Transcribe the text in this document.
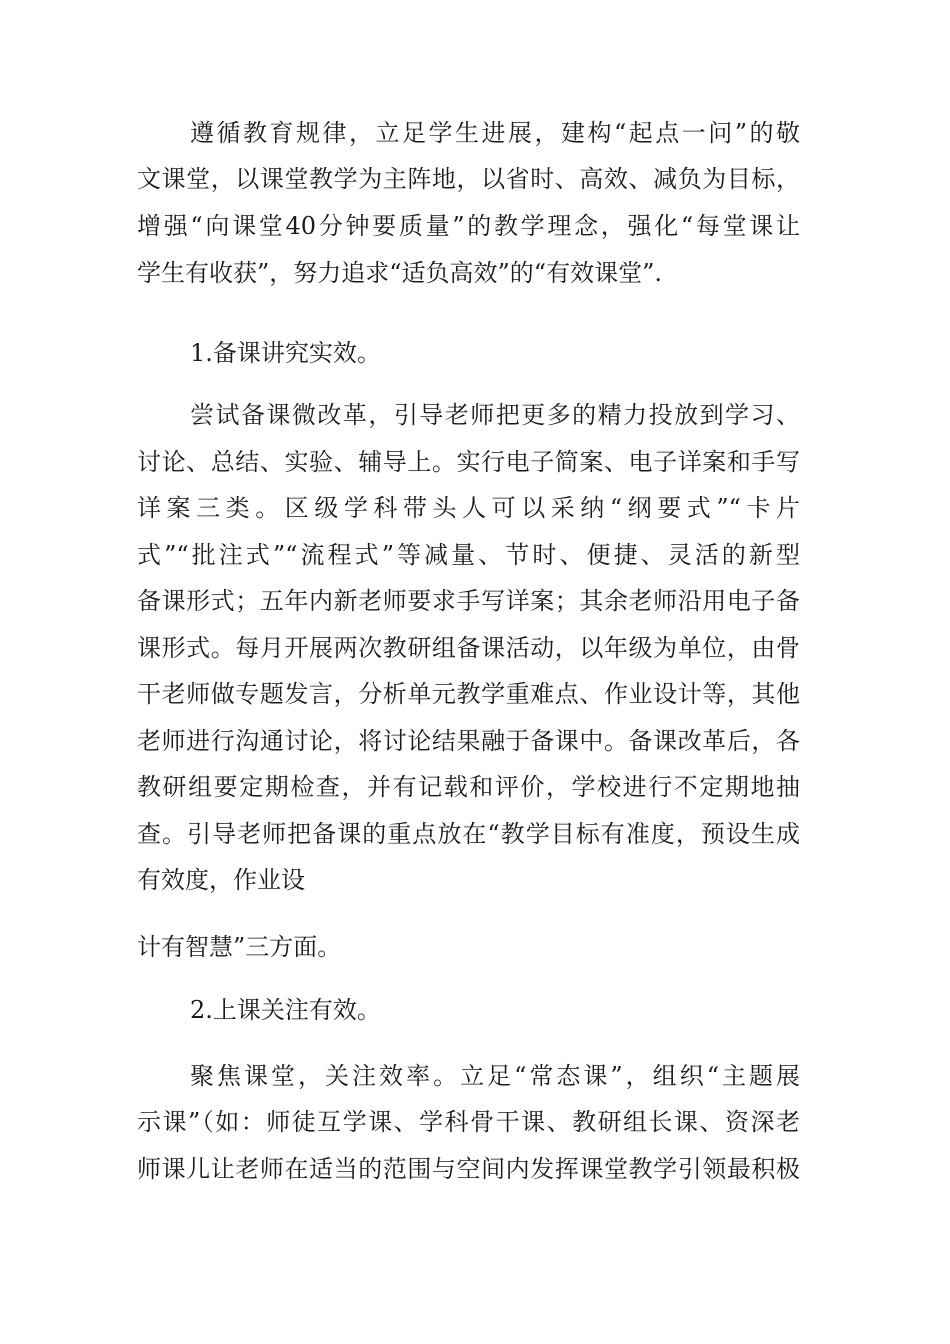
遵循教育规律，立足学生进展，建构“起点一问”的敬
文课堂，以课堂教学为主阵地，以省时、高效、减负为目标，
增强“向课堂40分钟要质量”的教学理念，强化“每堂课让
学生有收获”，努力追求“适负高效”的“有效课堂”.
1.备课讲究实效。
尝试备课微改革，引导老师把更多的精力投放到学习、
讨论、总结、实验、辅导上。实行电子简案、电子详案和手写
详案三类。区级学科带头人可以采纳“纲要式”“卡片
式”“批注式”“流程式”等减量、节时、便捷、灵活的新型
备课形式；五年内新老师要求手写详案；其余老师沿用电子备
课形式。每月开展两次教研组备课活动，以年级为单位，由骨
干老师做专题发言，分析单元教学重难点、作业设计等，其他
老师进行沟通讨论，将讨论结果融于备课中。备课改革后，各
教研组要定期检查，并有记载和评价，学校进行不定期地抽
查。引导老师把备课的重点放在“教学目标有准度，预设生成
有效度，作业设
计有智慧”三方面。
2.上课关注有效。
聚焦课堂，关注效率。立足“常态课”，组织“主题展
示课”（如：师徒互学课、学科骨干课、教研组长课、资深老
师课儿让老师在适当的范围与空间内发挥课堂教学引领最积极
